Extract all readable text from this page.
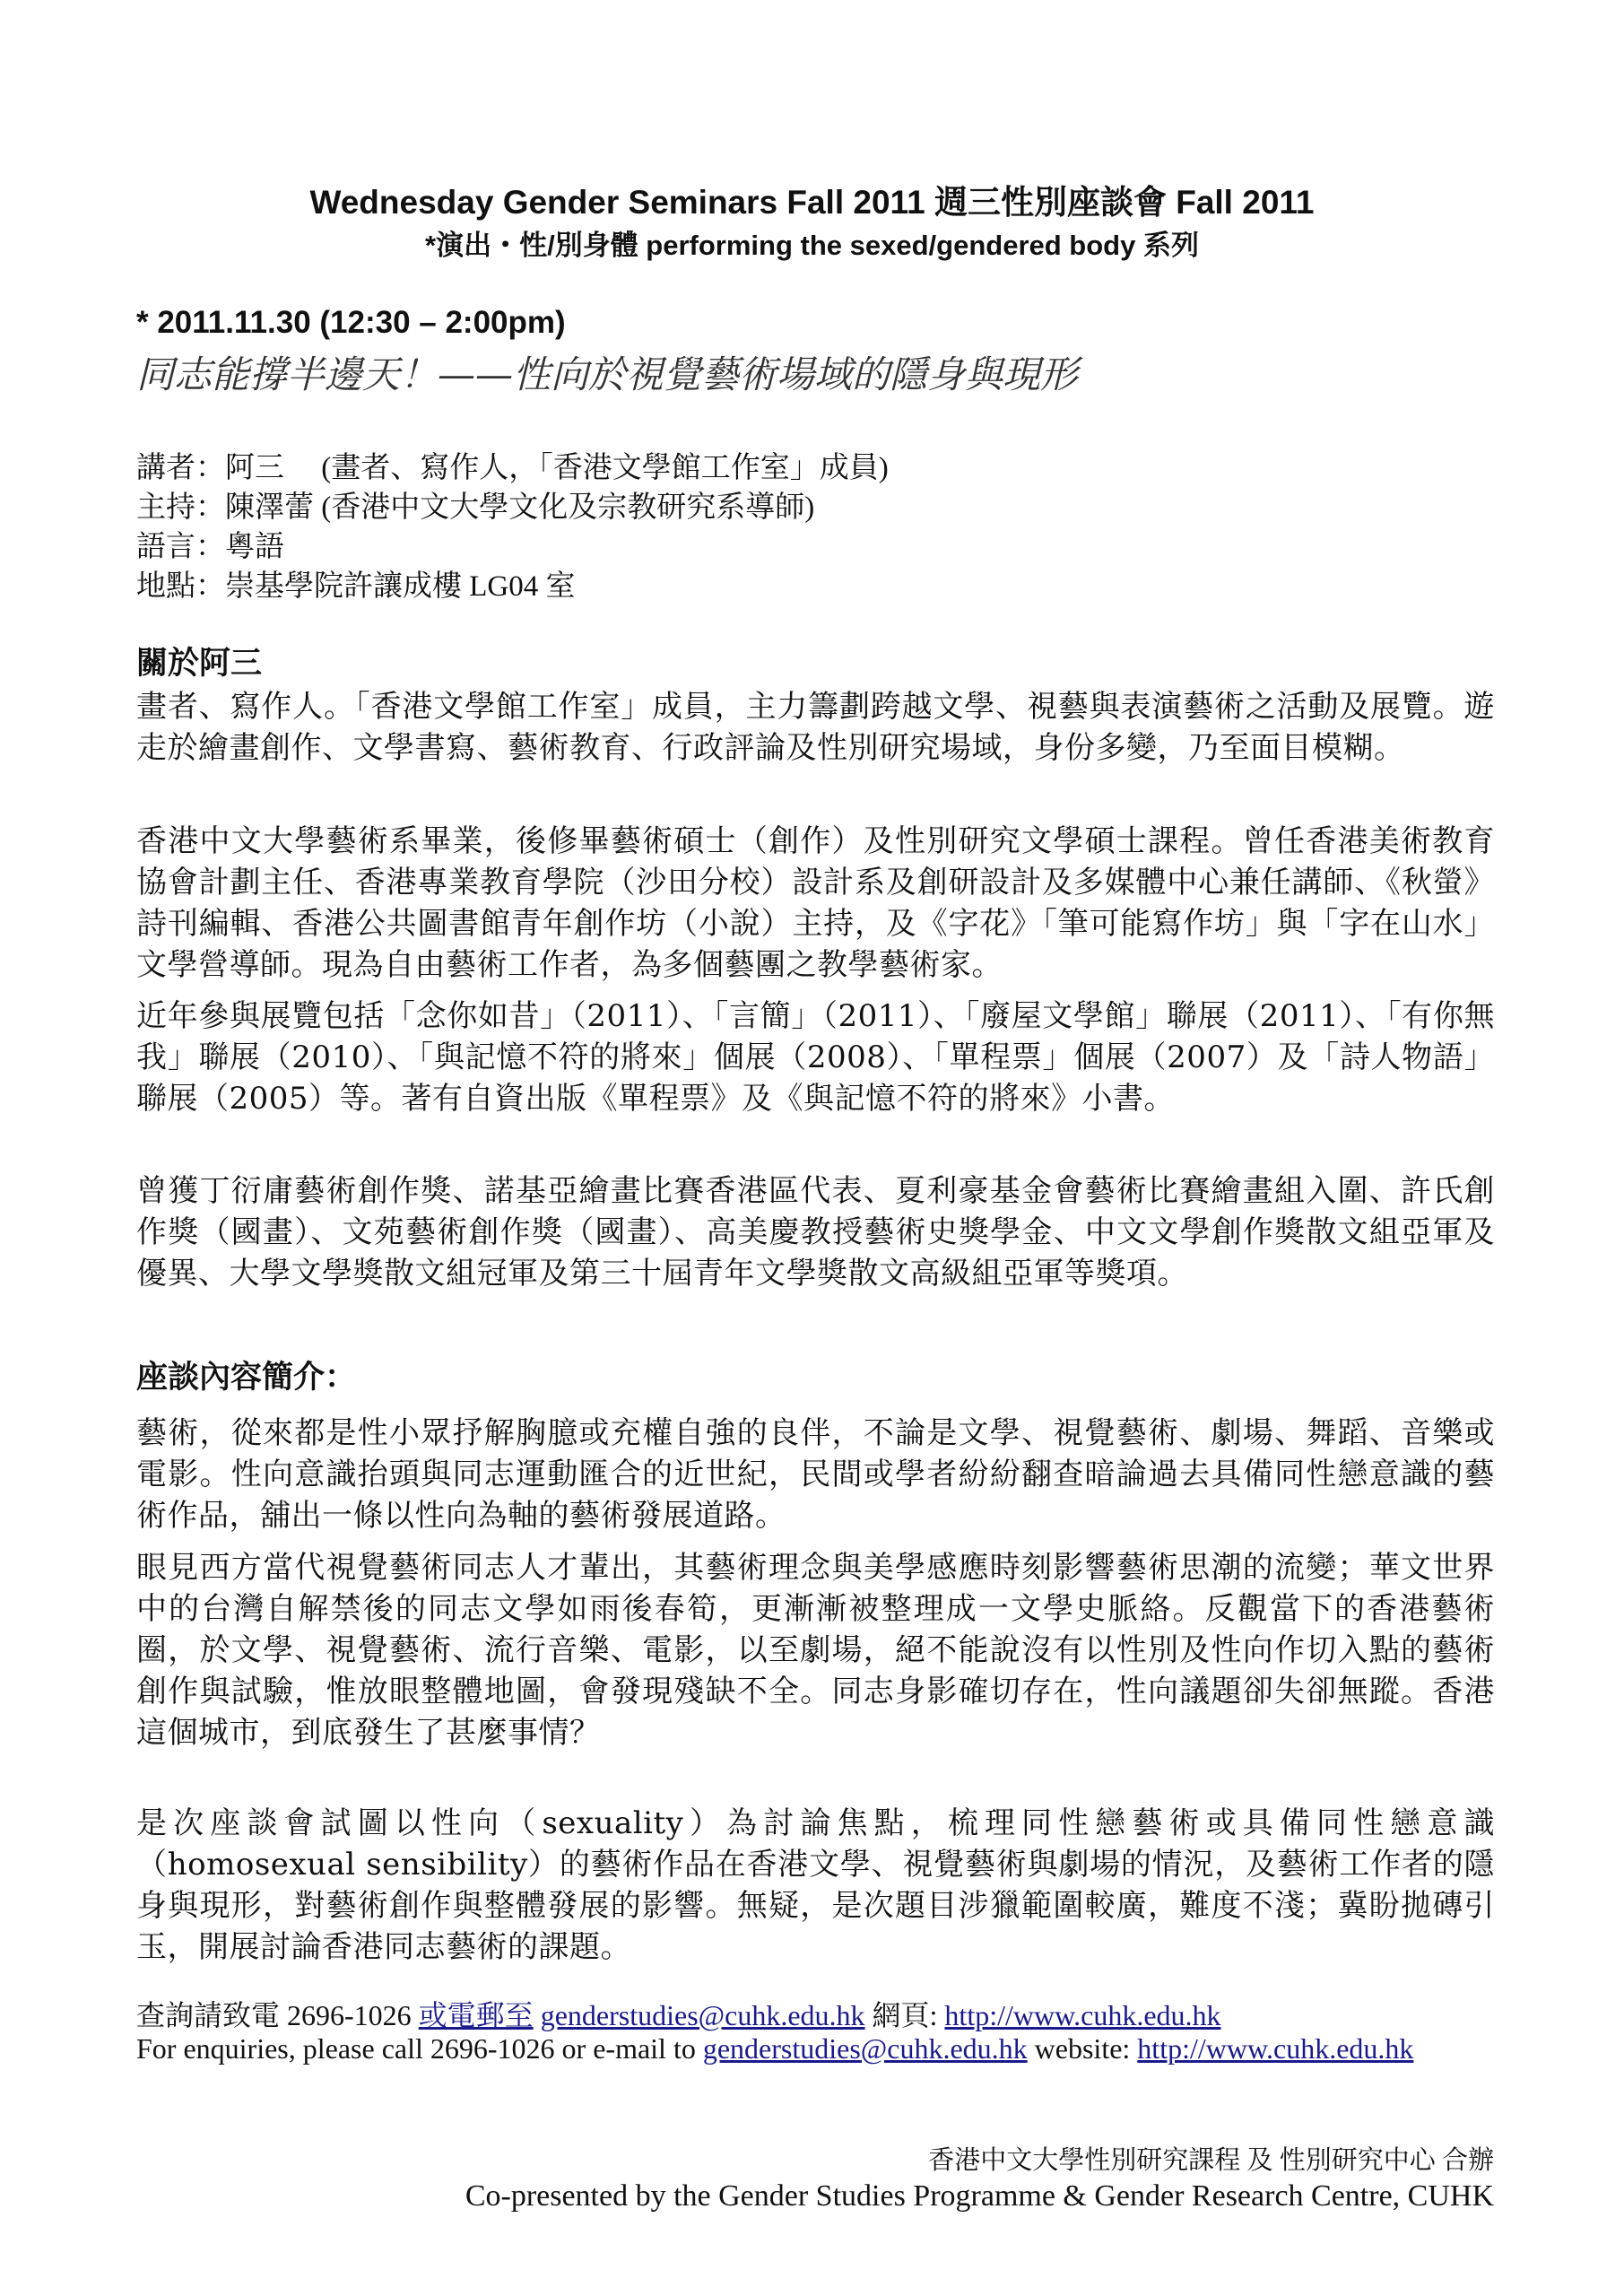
Wednesday Gender Seminars Fall 2011 週三性別座談會 Fall 2011
*演出・性/別身體 performing the sexed/gendered body 系列
* 2011.11.30 (12:30 – 2:00pm)
同志能撐半邊天！——性向於視覺藝術場域的隱身與現形
講者：阿三　 (畫者、寫作人，「香港文學館工作室」成員)
主持：陳澤蕾 (香港中文大學文化及宗教研究系導師)
語言：粵語
地點：崇基學院許讓成樓 LG04 室
關於阿三
畫者、寫作人。「香港文學館工作室」成員，主力籌劃跨越文學、視藝與表演藝術之活動及展覽。遊走於繪畫創作、文學書寫、藝術教育、行政評論及性別研究場域，身份多變，乃至面目模糊。
香港中文大學藝術系畢業，後修畢藝術碩士（創作）及性別研究文學碩士課程。曾任香港美術教育協會計劃主任、香港專業教育學院（沙田分校）設計系及創研設計及多媒體中心兼任講師、《秋螢》詩刊編輯、香港公共圖書館青年創作坊（小說）主持，及《字花》「筆可能寫作坊」與「字在山水」文學營導師。現為自由藝術工作者，為多個藝團之教學藝術家。
近年參與展覽包括「念你如昔」（2011）、「言簡」（2011）、「廢屋文學館」聯展（2011）、「有你無我」聯展（2010）、「與記憶不符的將來」個展（2008）、「單程票」個展（2007）及「詩人物語」聯展（2005）等。著有自資出版《單程票》及《與記憶不符的將來》小書。
曾獲丁衍庸藝術創作獎、諾基亞繪畫比賽香港區代表、夏利豪基金會藝術比賽繪畫組入圍、許氏創作獎（國畫）、文苑藝術創作獎（國畫）、高美慶教授藝術史獎學金、中文文學創作獎散文組亞軍及優異、大學文學獎散文組冠軍及第三十屆青年文學獎散文高級組亞軍等獎項。
座談內容簡介：
藝術，從來都是性小眾抒解胸臆或充權自強的良伴，不論是文學、視覺藝術、劇場、舞蹈、音樂或電影。性向意識抬頭與同志運動匯合的近世紀，民間或學者紛紛翻查暗論過去具備同性戀意識的藝術作品，舖出一條以性向為軸的藝術發展道路。
眼見西方當代視覺藝術同志人才輩出，其藝術理念與美學感應時刻影響藝術思潮的流變；華文世界中的台灣自解禁後的同志文學如雨後春筍，更漸漸被整理成一文學史脈絡。反觀當下的香港藝術圈，於文學、視覺藝術、流行音樂、電影，以至劇場，絕不能說沒有以性別及性向作切入點的藝術創作與試驗，惟放眼整體地圖，會發現殘缺不全。同志身影確切存在，性向議題卻失卻無蹤。香港這個城市，到底發生了甚麼事情？
是次座談會試圖以性向（sexuality）為討論焦點，梳理同性戀藝術或具備同性戀意識（homosexual sensibility）的藝術作品在香港文學、視覺藝術與劇場的情況，及藝術工作者的隱身與現形，對藝術創作與整體發展的影響。無疑，是次題目涉獵範圍較廣，難度不淺；冀盼拋磚引玉，開展討論香港同志藝術的課題。
查詢請致電 2696-1026 或電郵至 genderstudies@cuhk.edu.hk 網頁: http://www.cuhk.edu.hk
For enquiries, please call 2696-1026 or e-mail to genderstudies@cuhk.edu.hk website: http://www.cuhk.edu.hk
香港中文大學性別研究課程 及 性別研究中心 合辦
Co-presented by the Gender Studies Programme & Gender Research Centre, CUHK
